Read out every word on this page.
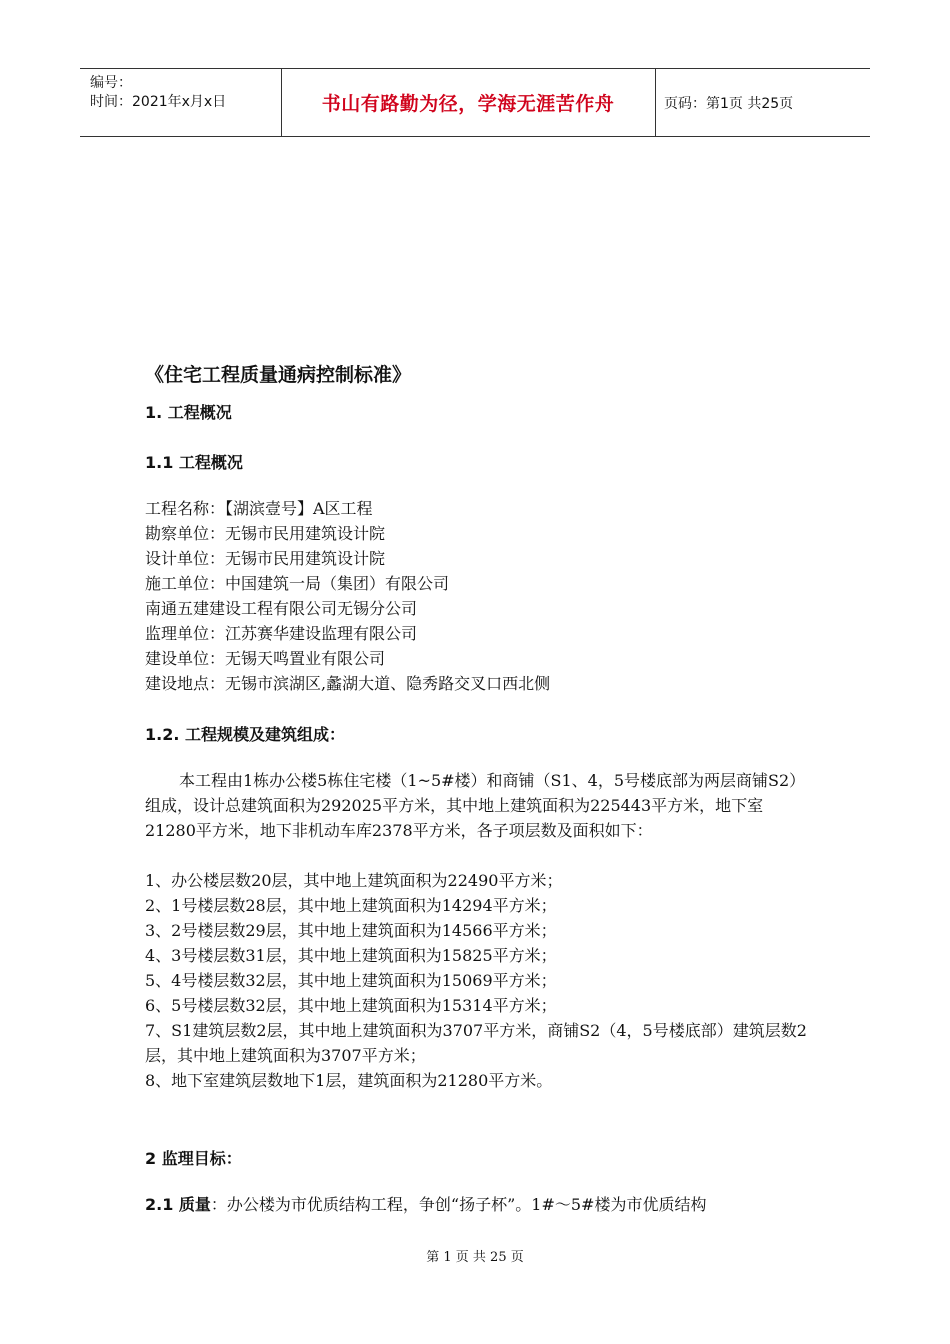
编号：
时间：2021年x月x日	书山有路勤为径，学海无涯苦作舟	页码：第1页 共25页
《住宅工程质量通病控制标准》
1. 工程概况
1.1 工程概况
工程名称：【湖滨壹号】A区工程
勘察单位：无锡市民用建筑设计院
设计单位：无锡市民用建筑设计院
施工单位：中国建筑一局（集团）有限公司
南通五建建设工程有限公司无锡分公司
监理单位：江苏赛华建设监理有限公司
建设单位：无锡天鸣置业有限公司
建设地点：无锡市滨湖区,蠡湖大道、隐秀路交叉口西北侧
1.2. 工程规模及建筑组成：
本工程由1栋办公楼5栋住宅楼（1~5#楼）和商铺（S1、4，5号楼底部为两层商铺S2）组成，设计总建筑面积为292025平方米，其中地上建筑面积为225443平方米，地下室21280平方米，地下非机动车库2378平方米，各子项层数及面积如下：
1、办公楼层数20层，其中地上建筑面积为22490平方米；
2、1号楼层数28层，其中地上建筑面积为14294平方米；
3、2号楼层数29层，其中地上建筑面积为14566平方米；
4、3号楼层数31层，其中地上建筑面积为15825平方米；
5、4号楼层数32层，其中地上建筑面积为15069平方米；
6、5号楼层数32层，其中地上建筑面积为15314平方米；
7、S1建筑层数2层，其中地上建筑面积为3707平方米，商铺S2（4，5号楼底部）建筑层数2层，其中地上建筑面积为3707平方米；
8、地下室建筑层数地下1层，建筑面积为21280平方米。
2 监理目标：
2.1 质量：办公楼为市优质结构工程，争创“扬子杯”。1#～5#楼为市优质结构
第 1 页 共 25 页
